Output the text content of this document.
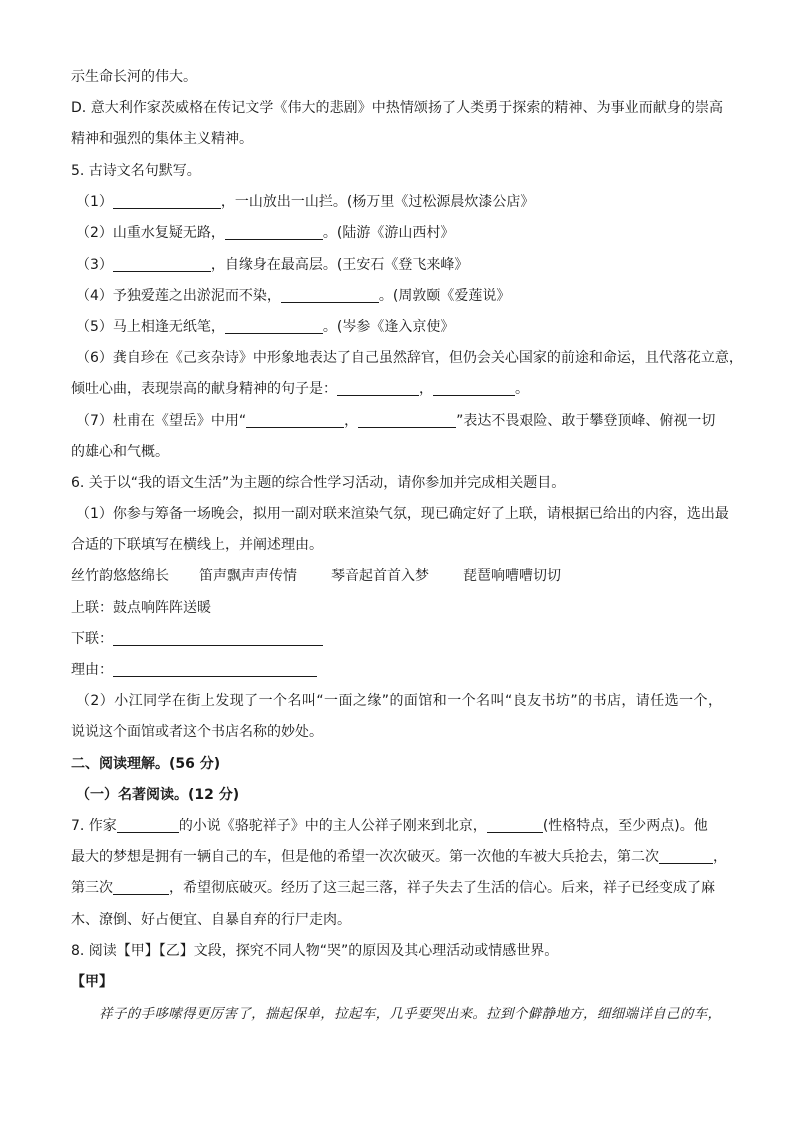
示生命长河的伟大。

D. 意大利作家茨威格在传记文学《伟大的悲剧》中热情颂扬了人类勇于探索的精神、为事业而献身的崇高

精神和强烈的集体主义精神。

5. 古诗文名句默写。

（1）	，一山放出一山拦。(杨万里《过松源晨炊漆公店》

（2）山重水复疑无路，	。(陆游《游山西村》

（3）	，自缘身在最高层。(王安石《登飞来峰》

（4）予独爱莲之出淤泥而不染，	。(周敦颐《爱莲说》

（5）马上相逢无纸笔，	。(岑参《逢入京使》

（6）龚自珍在《己亥杂诗》中形象地表达了自己虽然辞官，但仍会关心国家的前途和命运，且代落花立意，

倾吐心曲，表现崇高的献身精神的句子是：	，	。

（7）杜甫在《望岳》中用“	，	”表达不畏艰险、敢于攀登顶峰、俯视一切

的雄心和气概。

6. 关于以“我的语文生活”为主题的综合性学习活动，请你参加并完成相关题目。

（1）你参与筹备一场晚会，拟用一副对联来渲染气氛，现已确定好了上联，请根据已给出的内容，选出最

合适的下联填写在横线上，并阐述理由。

丝竹韵悠悠绵长 笛声飘声声传情 琴音起首首入梦 琵琶响嘈嘈切切

上联：鼓点响阵阵送暖

下联：

理由：

（2）小江同学在街上发现了一个名叫“一面之缘”的面馆和一个名叫“良友书坊”的书店，请任选一个，

说说这个面馆或者这个书店名称的妙处。

二、阅读理解。(56 分)

（一）名著阅读。(12 分)

7. 作家	的小说《骆驼祥子》中的主人公祥子刚来到北京，	(性格特点，至少两点)。他

最大的梦想是拥有一辆自己的车，但是他的希望一次次破灭。第一次他的车被大兵抢去，第二次	，

第三次	，希望彻底破灭。经历了这三起三落，祥子失去了生活的信心。后来，祥子已经变成了麻

木、潦倒、好占便宜、自暴自弃的行尸走肉。

8. 阅读【甲】【乙】文段，探究不同人物“哭”的原因及其心理活动或情感世界。

【甲】

祥子的手哆嗦得更厉害了，揣起保单，拉起车，几乎要哭出来。拉到个僻静地方，细细端详自己的车，
